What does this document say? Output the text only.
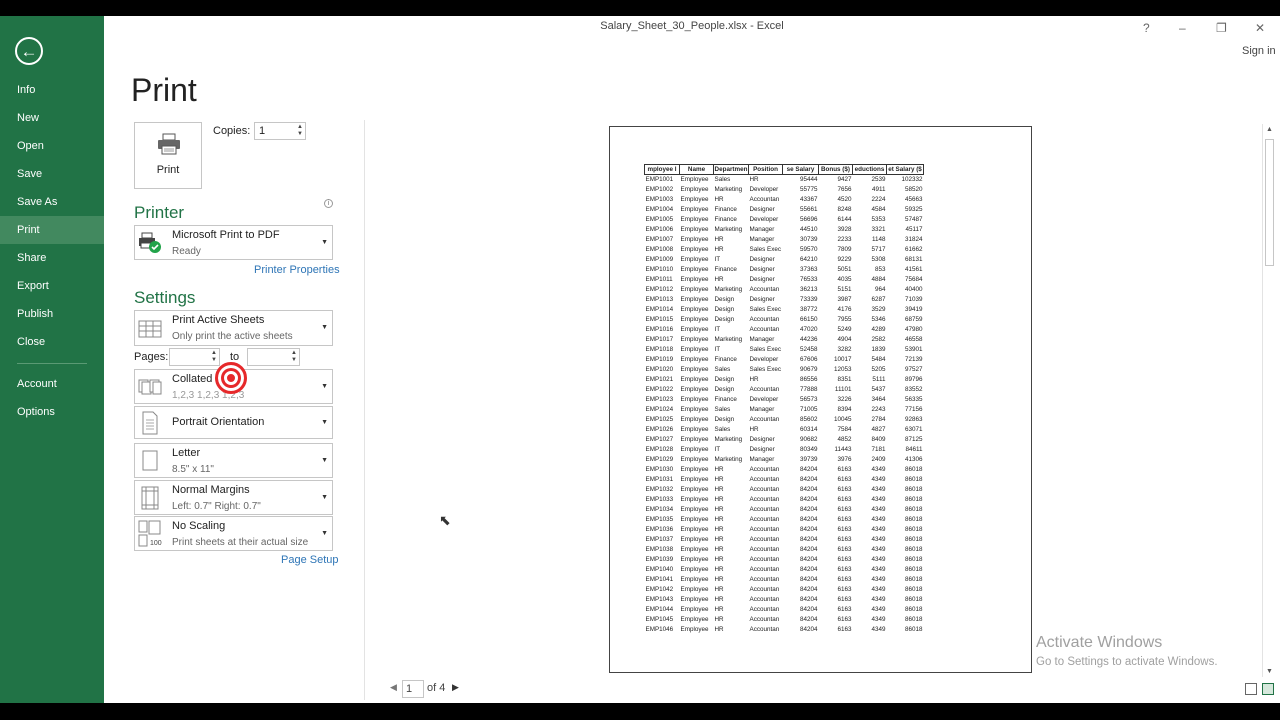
←
Info
New
Open
Save
Save As
Print
Share
Export
Publish
Close
Account
Options
Salary_Sheet_30_People.xlsx - Excel	? –	❐ ✕
Sign in
Print
Print
Copies: 1	▲
▼
Printer	i
Microsoft Print to PDF
Ready
▼
Printer Properties
Settings
Print Active Sheets
Only print the active sheets
▼
Pages:	▲
▼ to	▲
▼
Collated
1,2,3 1,2,3 1,2,3
▼
Portrait Orientation	▼
Letter
8.5" x 11"
▼
Normal Margins
Left: 0.7" Right: 0.7"
▼
100
No Scaling
Print sheets at their actual size
▼
Page Setup
mployee I	Name	Departmen	Position	se Salary	Bonus ($)	eductions	et Salary ($
EMP1001	Employee	Sales	HR	95444	9427	2539	102332
EMP1002	Employee	Marketing	Developer	55775	7656	4911	58520
EMP1003	Employee	HR	Accountan	43367	4520	2224	45663
EMP1004	Employee	Finance	Designer	55661	8248	4584	59325
EMP1005	Employee	Finance	Developer	56696	6144	5353	57487
EMP1006	Employee	Marketing	Manager	44510	3928	3321	45117
EMP1007	Employee	HR	Manager	30739	2233	1148	31824
EMP1008	Employee	HR	Sales Exec	59570	7809	5717	61662
EMP1009	Employee	IT	Designer	64210	9229	5308	68131
EMP1010	Employee	Finance	Designer	37363	5051	853	41561
EMP1011	Employee	HR	Designer	76533	4035	4884	75684
EMP1012	Employee	Marketing	Accountan	36213	5151	964	40400
EMP1013	Employee	Design	Designer	73339	3987	6287	71039
EMP1014	Employee	Design	Sales Exec	38772	4176	3529	39419
EMP1015	Employee	Design	Accountan	66150	7955	5346	68759
EMP1016	Employee	IT	Accountan	47020	5249	4289	47980
EMP1017	Employee	Marketing	Manager	44236	4904	2582	46558
EMP1018	Employee	IT	Sales Exec	52458	3282	1839	53901
EMP1019	Employee	Finance	Developer	67606	10017	5484	72139
EMP1020	Employee	Sales	Sales Exec	90679	12053	5205	97527
EMP1021	Employee	Design	HR	86556	8351	5111	89796
EMP1022	Employee	Design	Accountan	77888	11101	5437	83552
EMP1023	Employee	Finance	Developer	56573	3226	3464	56335
EMP1024	Employee	Sales	Manager	71005	8394	2243	77156
EMP1025	Employee	Design	Accountan	85602	10045	2784	92863
EMP1026	Employee	Sales	HR	60314	7584	4827	63071
EMP1027	Employee	Marketing	Designer	90682	4852	8409	87125
EMP1028	Employee	IT	Designer	80349	11443	7181	84611
EMP1029	Employee	Marketing	Manager	39739	3976	2409	41306
EMP1030	Employee	HR	Accountan	84204	6163	4349	86018
EMP1031	Employee	HR	Accountan	84204	6163	4349	86018
EMP1032	Employee	HR	Accountan	84204	6163	4349	86018
EMP1033	Employee	HR	Accountan	84204	6163	4349	86018
EMP1034	Employee	HR	Accountan	84204	6163	4349	86018
EMP1035	Employee	HR	Accountan	84204	6163	4349	86018
EMP1036	Employee	HR	Accountan	84204	6163	4349	86018
EMP1037	Employee	HR	Accountan	84204	6163	4349	86018
EMP1038	Employee	HR	Accountan	84204	6163	4349	86018
EMP1039	Employee	HR	Accountan	84204	6163	4349	86018
EMP1040	Employee	HR	Accountan	84204	6163	4349	86018
EMP1041	Employee	HR	Accountan	84204	6163	4349	86018
EMP1042	Employee	HR	Accountan	84204	6163	4349	86018
EMP1043	Employee	HR	Accountan	84204	6163	4349	86018
EMP1044	Employee	HR	Accountan	84204	6163	4349	86018
EMP1045	Employee	HR	Accountan	84204	6163	4349	86018
EMP1046	Employee	HR	Accountan	84204	6163	4349	86018
▲
▼
◀ 1	of 4 ▶
Activate Windows
Go to Settings to activate Windows.
⬉
